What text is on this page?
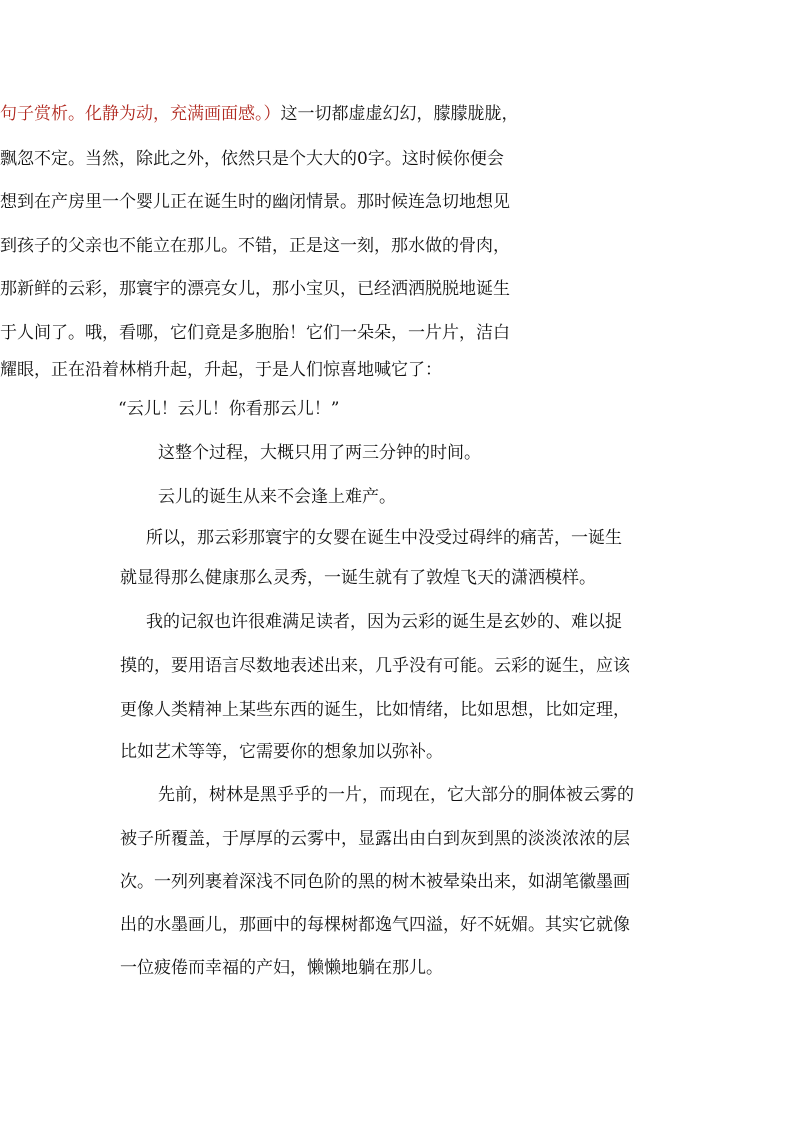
句子赏析。化静为动，充满画面感。）这一切都虚虚幻幻，朦朦胧胧，
飘忽不定。当然，除此之外，依然只是个大大的0字。这时候你便会
想到在产房里一个婴儿正在诞生时的幽闭情景。那时候连急切地想见
到孩子的父亲也不能立在那儿。不错，正是这一刻，那水做的骨肉，
那新鲜的云彩，那寰宇的漂亮女儿，那小宝贝，已经洒洒脱脱地诞生
于人间了。哦，看哪，它们竟是多胞胎！它们一朵朵，一片片，洁白
耀眼，正在沿着林梢升起，升起，于是人们惊喜地喊它了：
“云儿！云儿！你看那云儿！”
这整个过程，大概只用了两三分钟的时间。
云儿的诞生从来不会逢上难产。
所以，那云彩那寰宇的女婴在诞生中没受过碍绊的痛苦，一诞生
就显得那么健康那么灵秀，一诞生就有了敦煌飞天的潇洒模样。
我的记叙也许很难满足读者，因为云彩的诞生是玄妙的、难以捉
摸的，要用语言尽数地表述出来，几乎没有可能。云彩的诞生，应该
更像人类精神上某些东西的诞生，比如情绪，比如思想，比如定理，
比如艺术等等，它需要你的想象加以弥补。
先前，树林是黑乎乎的一片，而现在，它大部分的胴体被云雾的
被子所覆盖，于厚厚的云雾中，显露出由白到灰到黑的淡淡浓浓的层
次。一列列裹着深浅不同色阶的黑的树木被晕染出来，如湖笔徽墨画
出的水墨画儿，那画中的每棵树都逸气四溢，好不妩媚。其实它就像
一位疲倦而幸福的产妇，懒懒地躺在那儿。
